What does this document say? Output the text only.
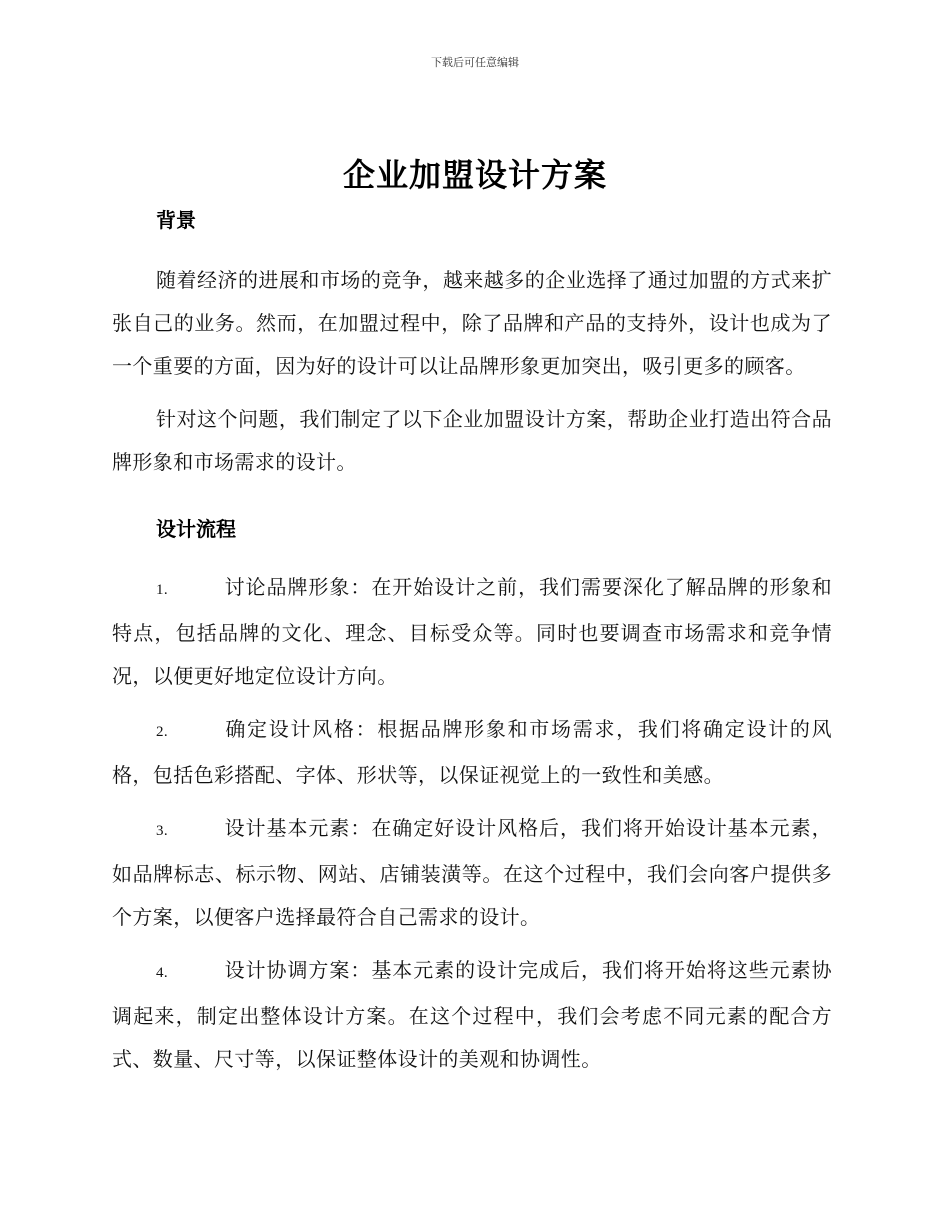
下载后可任意编辑
企业加盟设计方案
背景

随着经济的进展和市场的竞争，越来越多的企业选择了通过加盟的方式来扩张自己的业务。然而，在加盟过程中，除了品牌和产品的支持外，设计也成为了一个重要的方面，因为好的设计可以让品牌形象更加突出，吸引更多的顾客。

针对这个问题，我们制定了以下企业加盟设计方案，帮助企业打造出符合品牌形象和市场需求的设计。

设计流程

1.	讨论品牌形象：在开始设计之前，我们需要深化了解品牌的形象和特点，包括品牌的文化、理念、目标受众等。同时也要调查市场需求和竞争情况，以便更好地定位设计方向。

2.	确定设计风格：根据品牌形象和市场需求，我们将确定设计的风格，包括色彩搭配、字体、形状等，以保证视觉上的一致性和美感。

3.	设计基本元素：在确定好设计风格后，我们将开始设计基本元素，如品牌标志、标示物、网站、店铺装潢等。在这个过程中，我们会向客户提供多个方案，以便客户选择最符合自己需求的设计。

4.	设计协调方案：基本元素的设计完成后，我们将开始将这些元素协调起来，制定出整体设计方案。在这个过程中，我们会考虑不同元素的配合方式、数量、尺寸等，以保证整体设计的美观和协调性。
